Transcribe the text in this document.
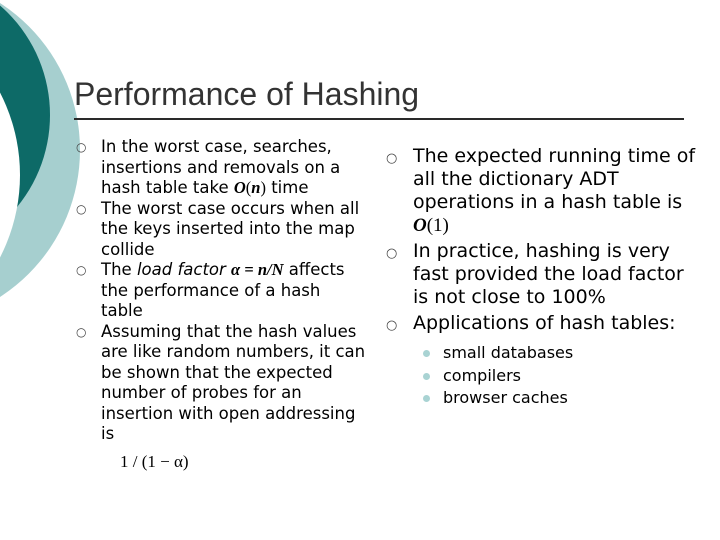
Performance of Hashing
○ In the worst case, searches, insertions and removals on a hash table take O(n) time
○ The worst case occurs when all the keys inserted into the map collide
○ The load factor α = n/N affects the performance of a hash table
○ Assuming that the hash values are like random numbers, it can be shown that the expected number of probes for an insertion with open addressing is
1 / (1 − α)
○ The expected running time of all the dictionary ADT operations in a hash table is O(1)
○ In practice, hashing is very fast provided the load factor is not close to 100%
○ Applications of hash tables:
small databases
compilers
browser caches
